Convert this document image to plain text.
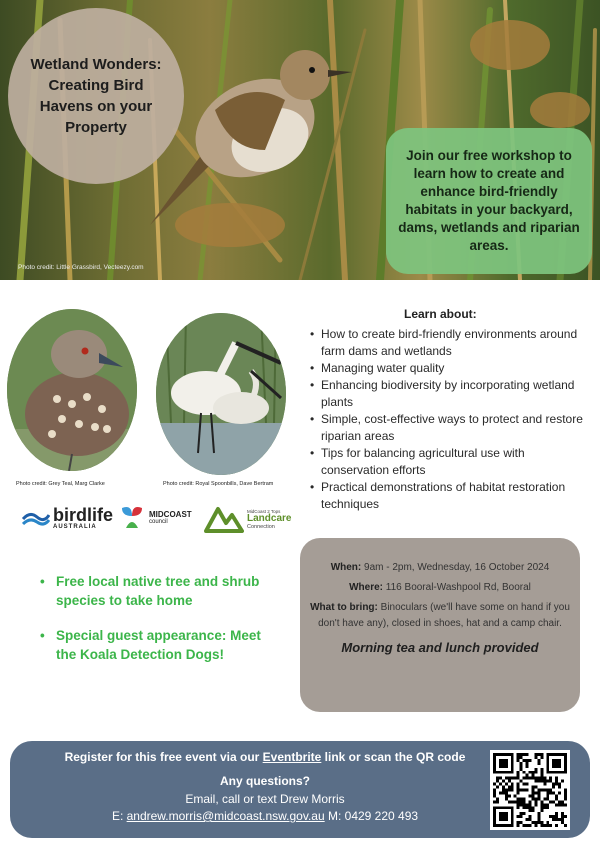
Wetland Wonders: Creating Bird Havens on your Property
Join our free workshop to learn how to create and enhance bird-friendly habitats in your backyard, dams, wetlands and riparian areas.
Photo credit: Little Grassbird, Vecteezy.com
Photo credit: Grey Teal, Marg Clarke	Photo credit: Royal Spoonbills, Dave Bertram
birdlife
AUSTRALIA
MIDCOAST
council
MidCoast 2 Tops
Landcare
Connection
Learn about:
• How to create bird-friendly environments around farm dams and wetlands
• Managing water quality
• Enhancing biodiversity by incorporating wetland plants
• Simple, cost-effective ways to protect and restore riparian areas
• Tips for balancing agricultural use with conservation efforts
• Practical demonstrations of habitat restoration techniques
• Free local native tree and shrub species to take home
• Special guest appearance: Meet the Koala Detection Dogs!

When: 9am - 2pm, Wednesday, 16 October 2024

Where: 116 Booral-Washpool Rd, Booral

What to bring: Binoculars (we'll have some on hand if you don't have any), closed in shoes, hat and a camp chair.

Morning tea and lunch provided
Register for this free event via our Eventbrite link or scan the QR code
Any questions?
Email, call or text Drew Morris
E: andrew.morris@midcoast.nsw.gov.au M: 0429 220 493
